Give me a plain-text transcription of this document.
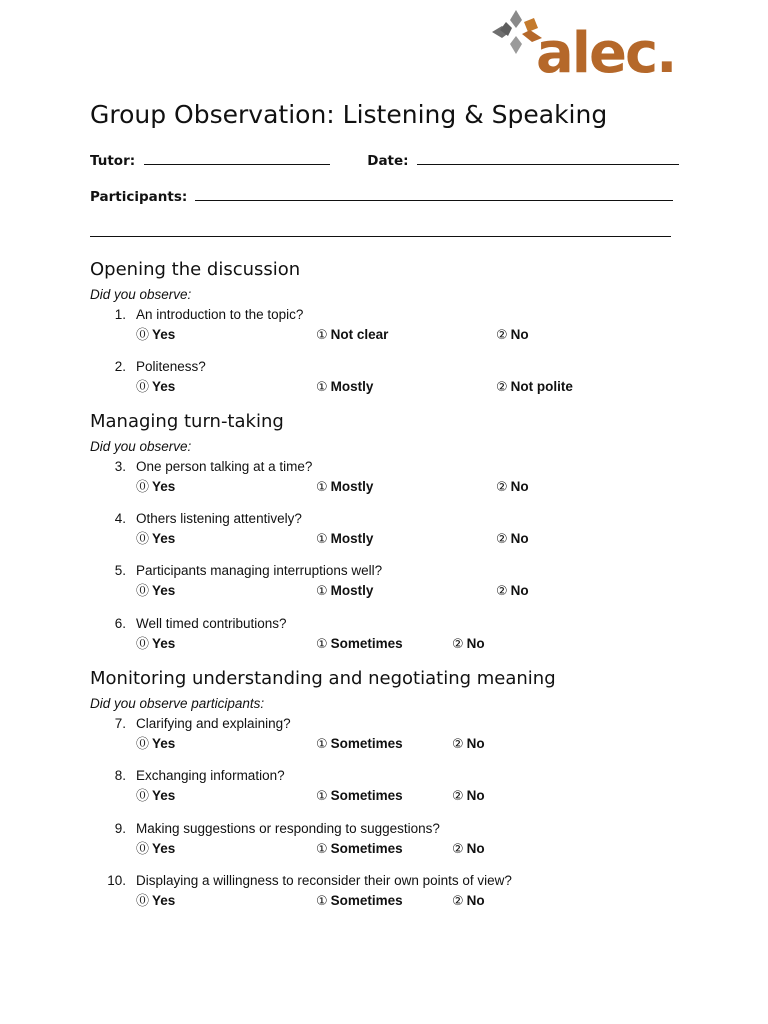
alec.
Group Observation: Listening & Speaking
Tutor:	Date:
Participants:
Opening the discussion
Did you observe:
1. An introduction to the topic?
⓪ Yes	① Not clear	② No
2. Politeness?
⓪ Yes	① Mostly	② Not polite
Managing turn-taking
Did you observe:
3. One person talking at a time?
⓪ Yes	① Mostly	② No
4. Others listening attentively?
⓪ Yes	① Mostly	② No
5. Participants managing interruptions well?
⓪ Yes	① Mostly	② No
6. Well timed contributions?
⓪ Yes	① Sometimes	② No
Monitoring understanding and negotiating meaning
Did you observe participants:
7. Clarifying and explaining?
⓪ Yes	① Sometimes	② No
8. Exchanging information?
⓪ Yes	① Sometimes	② No
9. Making suggestions or responding to suggestions?
⓪ Yes	① Sometimes	② No
10. Displaying a willingness to reconsider their own points of view?
⓪ Yes	① Sometimes	② No
